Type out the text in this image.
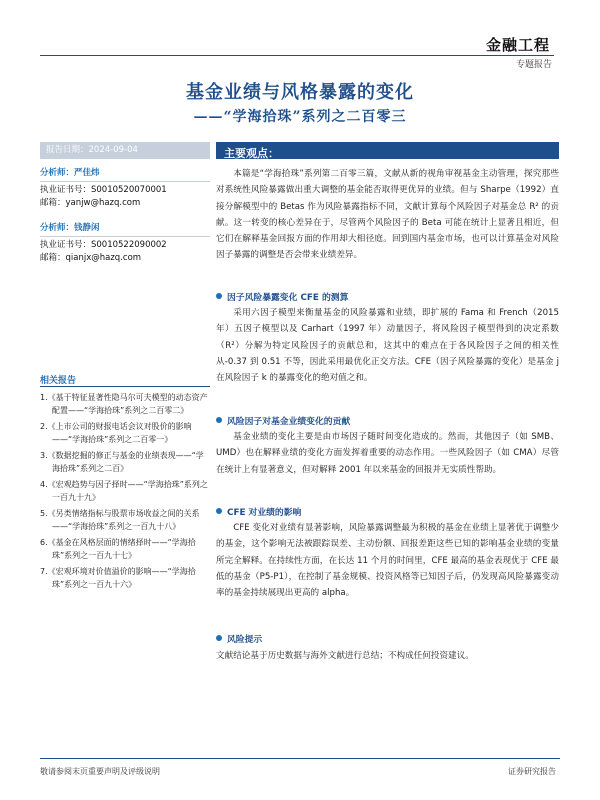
金融工程
专题报告
基金业绩与风格暴露的变化
——“学海拾珠”系列之二百零三
报告日期：2024-09-04	主要观点：
分析师：严佳炜
执业证书号：S0010520070001
邮箱：yanjw@hazq.com
分析师：钱静闲
执业证书号：S0010522090002
邮箱：qianjx@hazq.com
相关报告
1.《基于特征显著性隐马尔可夫模型的动态资产配置——“学海拾珠”系列之二百零二》
2.《上市公司的财报电话会议对股价的影响——“学海拾珠”系列之二百零一》
3.《数据挖掘的修正与基金的业绩表现——“学海拾珠”系列之二百》
4.《宏观趋势与因子择时——“学海拾珠”系列之一百九十九》
5.《另类情绪指标与股票市场收益之间的关系——“学海拾珠”系列之一百九十八》
6.《基金在风格层面的情绪择时——“学海拾珠”系列之一百九十七》
7.《宏观环境对价值溢价的影响——“学海拾珠”系列之一百九十六》

本篇是“学海拾珠”系列第二百零三篇，文献从新的视角审视基金主动管理，探究那些对系统性风险暴露做出重大调整的基金能否取得更优异的业绩。但与 Sharpe（1992）直接分解模型中的 Betas 作为风险暴露指标不同，文献计算每个风险因子对基金总 R² 的贡献。这一转变的核心差异在于，尽管两个风险因子的 Beta 可能在统计上显著且相近，但它们在解释基金回报方面的作用却大相径庭。回到国内基金市场，也可以计算基金对风险因子暴露的调整是否会带来业绩差异。

因子风险暴露变化 CFE 的测算

采用六因子模型来衡量基金的风险暴露和业绩，即扩展的 Fama 和 French（2015 年）五因子模型以及 Carhart（1997 年）动量因子，将风险因子模型得到的决定系数（R²）分解为特定风险因子的贡献总和，这其中的难点在于各风险因子之间的相关性从-0.37 到 0.51 不等，因此采用最优化正交方法。CFE（因子风险暴露的变化）是基金 j 在风险因子 k 的暴露变化的绝对值之和。

风险因子对基金业绩变化的贡献

基金业绩的变化主要是由市场因子随时间变化造成的。然而，其他因子（如 SMB、UMD）也在解释业绩的变化方面发挥着重要的动态作用。一些风险因子（如 CMA）尽管在统计上有显著意义，但对解释 2001 年以来基金的回报并无实质性帮助。

CFE 对业绩的影响

CFE 变化对业绩有显著影响，风险暴露调整最为积极的基金在业绩上显著优于调整少的基金，这个影响无法被跟踪误差、主动份额、回报差距这些已知的影响基金业绩的变量所完全解释。在持续性方面，在长达 11 个月的时间里，CFE 最高的基金表现优于 CFE 最低的基金（P5-P1），在控制了基金规模、投资风格等已知因子后，仍发现高风险暴露变动率的基金持续展现出更高的 alpha。

风险提示

文献结论基于历史数据与海外文献进行总结；不构成任何投资建议。

敬请参阅末页重要声明及评级说明	证券研究报告
